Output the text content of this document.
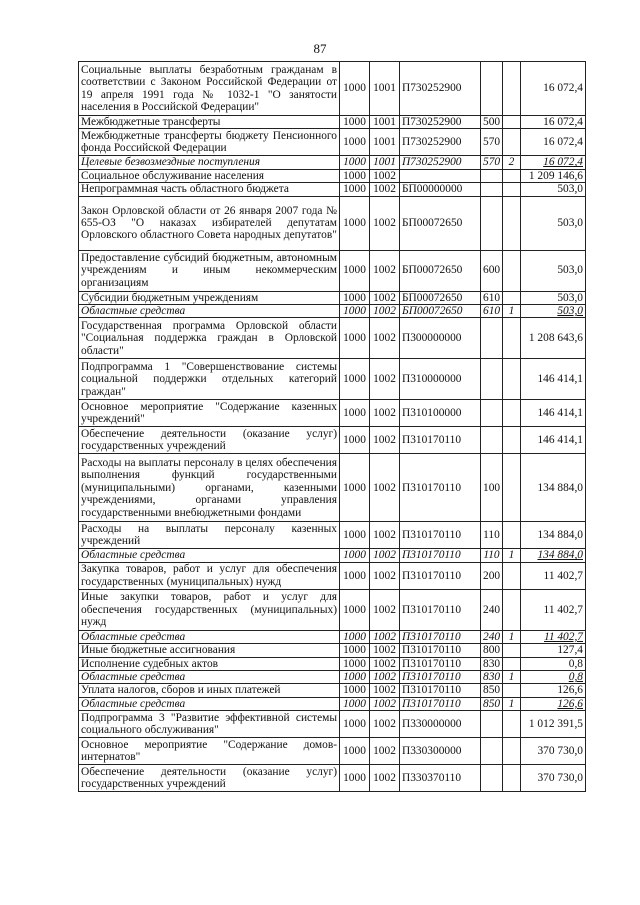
87
Социальные выплаты безработным гражданам в соответствии с Законом Российской Федерации от 19 апреля 1991 года № 1032-1 "О занятости населения в Российской Федерации"	1000	1001	П730252900			16 072,4
Межбюджетные трансферты	1000	1001	П730252900	500		16 072,4
Межбюджетные трансферты бюджету Пенсионного фонда Российской Федерации	1000	1001	П730252900	570		16 072,4
Целевые безвозмездные поступления	1000	1001	П730252900	570	2	16 072,4
Социальное обслуживание населения	1000	1002				1 209 146,6
Непрограммная часть областного бюджета	1000	1002	БП00000000			503,0
Закон Орловской области от 26 января 2007 года № 655-ОЗ "О наказах избирателей депутатам Орловского областного Совета народных депутатов"	1000	1002	БП00072650			503,0
Предоставление субсидий бюджетным, автономным учреждениям и иным некоммерческим организациям	1000	1002	БП00072650	600		503,0
Субсидии бюджетным учреждениям	1000	1002	БП00072650	610		503,0
Областные средства	1000	1002	БП00072650	610	1	503,0
Государственная программа Орловской области "Социальная поддержка граждан в Орловской области"	1000	1002	П300000000			1 208 643,6
Подпрограмма 1 "Совершенствование системы социальной поддержки отдельных категорий граждан"	1000	1002	П310000000			146 414,1
Основное мероприятие "Содержание казенных учреждений"	1000	1002	П310100000			146 414,1
Обеспечение деятельности (оказание услуг) государственных учреждений	1000	1002	П310170110			146 414,1
Расходы на выплаты персоналу в целях обеспечения выполнения функций государственными (муниципальными) органами, казенными учреждениями, органами управления государственными внебюджетными фондами	1000	1002	П310170110	100		134 884,0
Расходы на выплаты персоналу казенных учреждений	1000	1002	П310170110	110		134 884,0
Областные средства	1000	1002	П310170110	110	1	134 884,0
Закупка товаров, работ и услуг для обеспечения государственных (муниципальных) нужд	1000	1002	П310170110	200		11 402,7
Иные закупки товаров, работ и услуг для обеспечения государственных (муниципальных) нужд	1000	1002	П310170110	240		11 402,7
Областные средства	1000	1002	П310170110	240	1	11 402,7
Иные бюджетные ассигнования	1000	1002	П310170110	800		127,4
Исполнение судебных актов	1000	1002	П310170110	830		0,8
Областные средства	1000	1002	П310170110	830	1	0,8
Уплата налогов, сборов и иных платежей	1000	1002	П310170110	850		126,6
Областные средства	1000	1002	П310170110	850	1	126,6
Подпрограмма 3 "Развитие эффективной системы социального обслуживания"	1000	1002	П330000000			1 012 391,5
Основное мероприятие "Содержание домов-интернатов"	1000	1002	П330300000			370 730,0
Обеспечение деятельности (оказание услуг) государственных учреждений	1000	1002	П330370110			370 730,0
